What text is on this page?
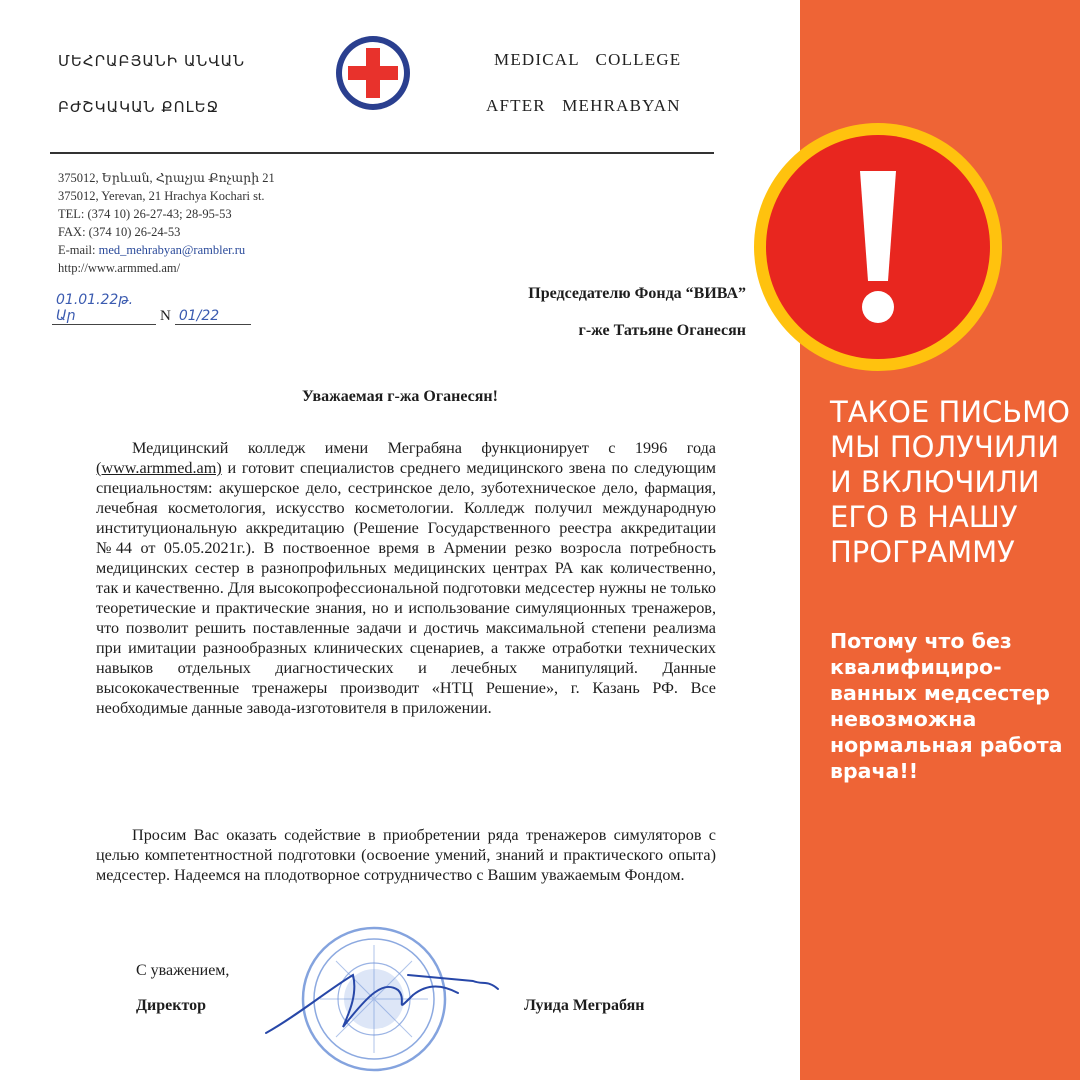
ՄԵՀՐԱԲՅԱՆԻ ԱՆՎԱՆ
ԲԺՇԿԱԿԱՆ ՔՈԼԵՋ
MEDICAL   COLLEGE
AFTER   MEHRABYAN
375012, Երևան, Հրաչյա Քոչարի 21
375012, Yerevan, 21 Hrachya Kochari st.
TEL: (374 10) 26-27-43; 28-95-53
FAX: (374 10) 26-24-53
E-mail: med_mehrabyan@rambler.ru
http://www.armmed.am/
01.01.22թ. Ար	N 01/22
Председателю Фонда “ВИВА”
г-же Татьяне Оганесян
Уважаемая г-жа Оганесян!
Медицинский колледж имени Меграбяна функционирует с 1996 года (www.armmed.am) и готовит специалистов среднего медицинского звена по следующим специальностям: акушерское дело, сестринское дело, зуботехническое дело, фармация, лечебная косметология, искусство косметологии. Колледж получил международную институциональную аккредитацию (Решение Государственного реестра аккредитации №44 от 05.05.2021г.). В поствоенное время в Армении резко возросла потребность медицинских сестер в разнопрофильных медицинских центрах РА как количественно, так и качественно. Для высокопрофессиональной подготовки медсестер нужны не только теоретические и практические знания, но и использование симуляционных тренажеров, что позволит решить поставленные задачи и достичь максимальной степени реализма при имитации разнообразных клинических сценариев, а также отработки технических навыков отдельных диагностических и лечебных манипуляций. Данные высококачественные тренажеры производит «НТЦ Решение», г. Казань РФ. Все необходимые данные завода-изготовителя в приложении.
Просим Вас оказать содействие в приобретении ряда тренажеров симуляторов с целью компетентностной подготовки (освоение умений, знаний и практического опыта) медсестер. Надеемся на плодотворное сотрудничество с Вашим уважаемым Фондом.
С уважением,
Директор	Луида Меграбян
ТАКОЕ ПИСЬМО МЫ ПОЛУЧИЛИ И ВКЛЮЧИЛИ ЕГО В НАШУ ПРОГРАММУ
Потому что без квалифициро-ванных медсестер невозможна нормальная работа врача!!
